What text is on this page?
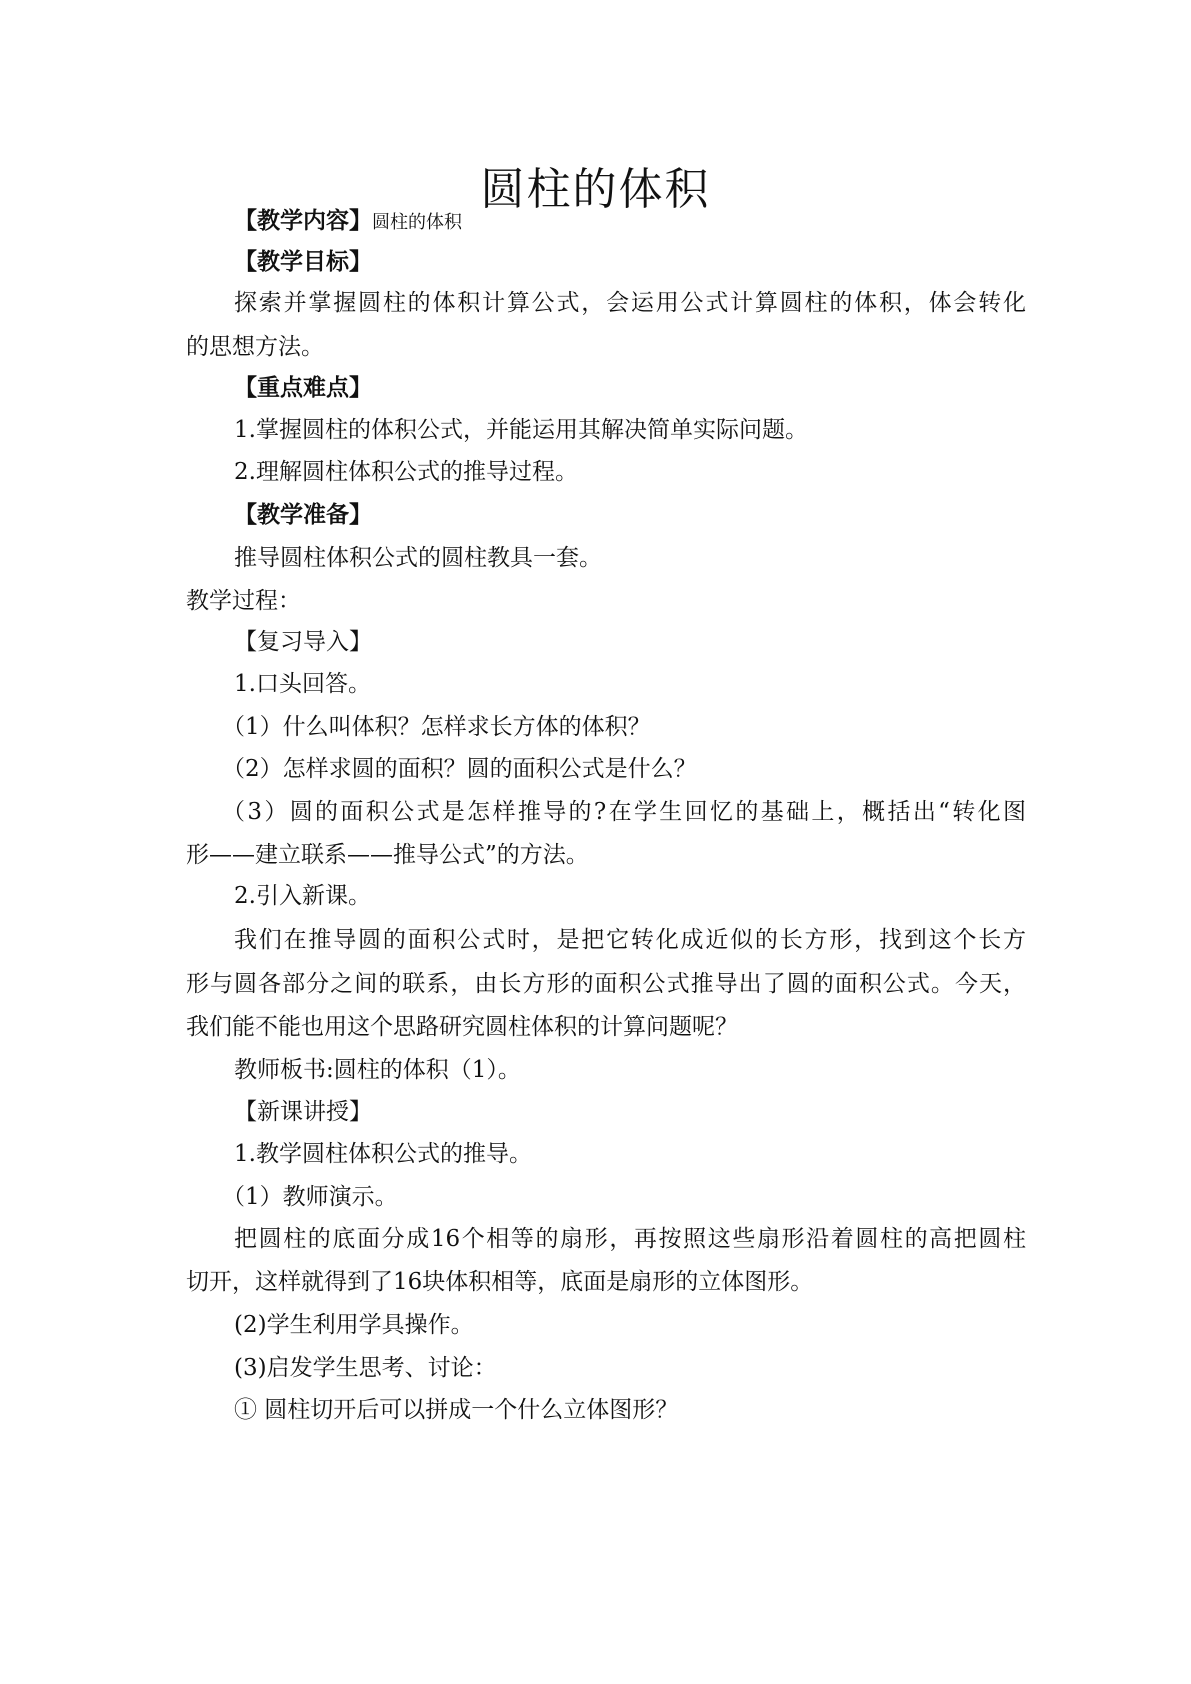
圆柱的体积
【教学内容】圆柱的体积
【教学目标】
探索并掌握圆柱的体积计算公式，会运用公式计算圆柱的体积，体会转化
的思想方法。
【重点难点】
1.掌握圆柱的体积公式，并能运用其解决简单实际问题。
2.理解圆柱体积公式的推导过程。
【教学准备】
推导圆柱体积公式的圆柱教具一套。
教学过程：
【复习导入】
1.口头回答。
（1）什么叫体积？怎样求长方体的体积？
（2）怎样求圆的面积？圆的面积公式是什么？
（3）圆的面积公式是怎样推导的?在学生回忆的基础上，概括出“转化图
形——建立联系——推导公式”的方法。
2.引入新课。
我们在推导圆的面积公式时，是把它转化成近似的长方形，找到这个长方
形与圆各部分之间的联系，由长方形的面积公式推导出了圆的面积公式。今天，
我们能不能也用这个思路研究圆柱体积的计算问题呢？
教师板书:圆柱的体积（1）。
【新课讲授】
1.教学圆柱体积公式的推导。
（1）教师演示。
把圆柱的底面分成16个相等的扇形，再按照这些扇形沿着圆柱的高把圆柱
切开，这样就得到了16块体积相等，底面是扇形的立体图形。
(2)学生利用学具操作。
(3)启发学生思考、讨论：
① 圆柱切开后可以拼成一个什么立体图形？
